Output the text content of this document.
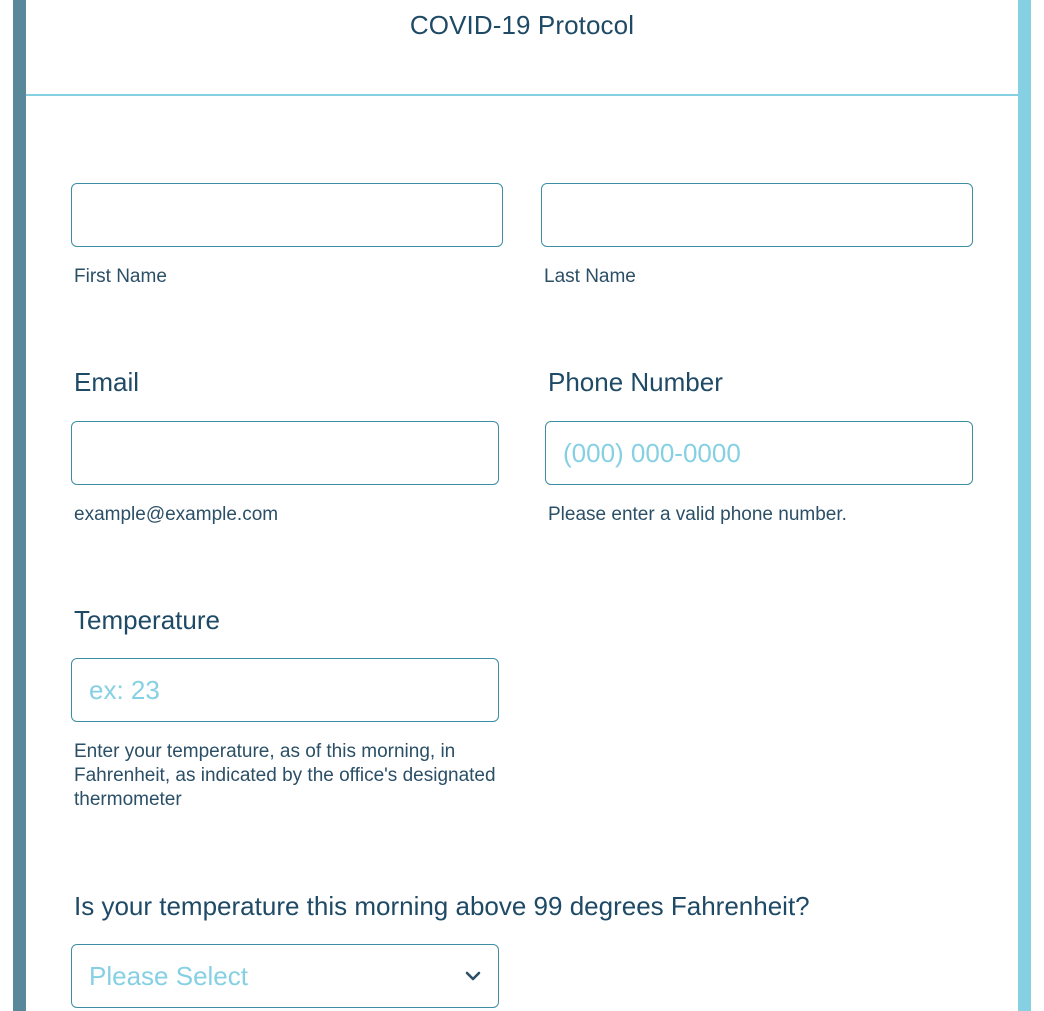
COVID-19 Protocol
First Name	Last Name
Email
example@example.com
Phone Number
(000) 000-0000
Please enter a valid phone number.
Temperature
ex: 23
Enter your temperature, as of this morning, in Fahrenheit, as indicated by the office's designated thermometer
Is your temperature this morning above 99 degrees Fahrenheit?
Please Select
